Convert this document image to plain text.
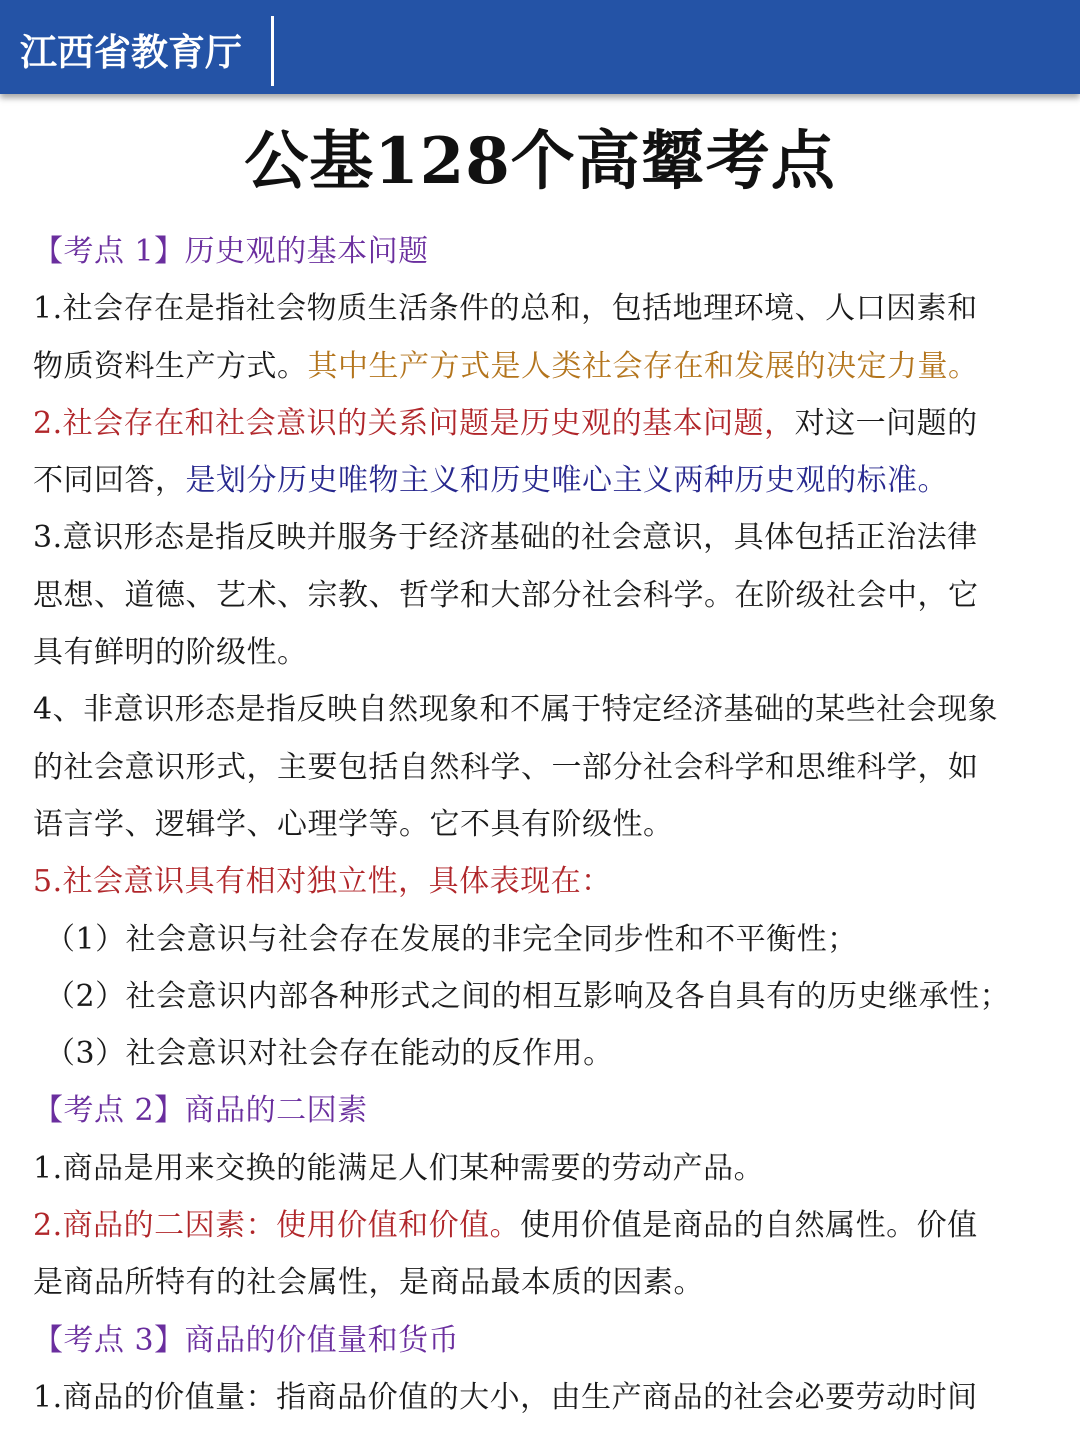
江西省教育厅
公基128个高颦考点
【考点 1】历史观的基本问题
1.社会存在是指社会物质生活条件的总和，包括地理环境、人口因素和
物质资料生产方式。其中生产方式是人类社会存在和发展的决定力量。
2.社会存在和社会意识的关系问题是历史观的基本问题，对这一问题的
不同回答，是划分历史唯物主义和历史唯心主义两种历史观的标准。
3.意识形态是指反映并服务于经济基础的社会意识，具体包括正治法律
思想、道德、艺术、宗教、哲学和大部分社会科学。在阶级社会中，它
具有鲜明的阶级性。
4、非意识形态是指反映自然现象和不属于特定经济基础的某些社会现象
的社会意识形式，主要包括自然科学、一部分社会科学和思维科学，如
语言学、逻辑学、心理学等。它不具有阶级性。
5.社会意识具有相对独立性，具体表现在：
（1）社会意识与社会存在发展的非完全同步性和不平衡性；
（2）社会意识内部各种形式之间的相互影响及各自具有的历史继承性；
（3）社会意识对社会存在能动的反作用。
【考点 2】商品的二因素
1.商品是用来交换的能满足人们某种需要的劳动产品。
2.商品的二因素：使用价值和价值。使用价值是商品的自然属性。价值
是商品所特有的社会属性，是商品最本质的因素。
【考点 3】商品的价值量和货币
1.商品的价值量：指商品价值的大小，由生产商品的社会必要劳动时间
